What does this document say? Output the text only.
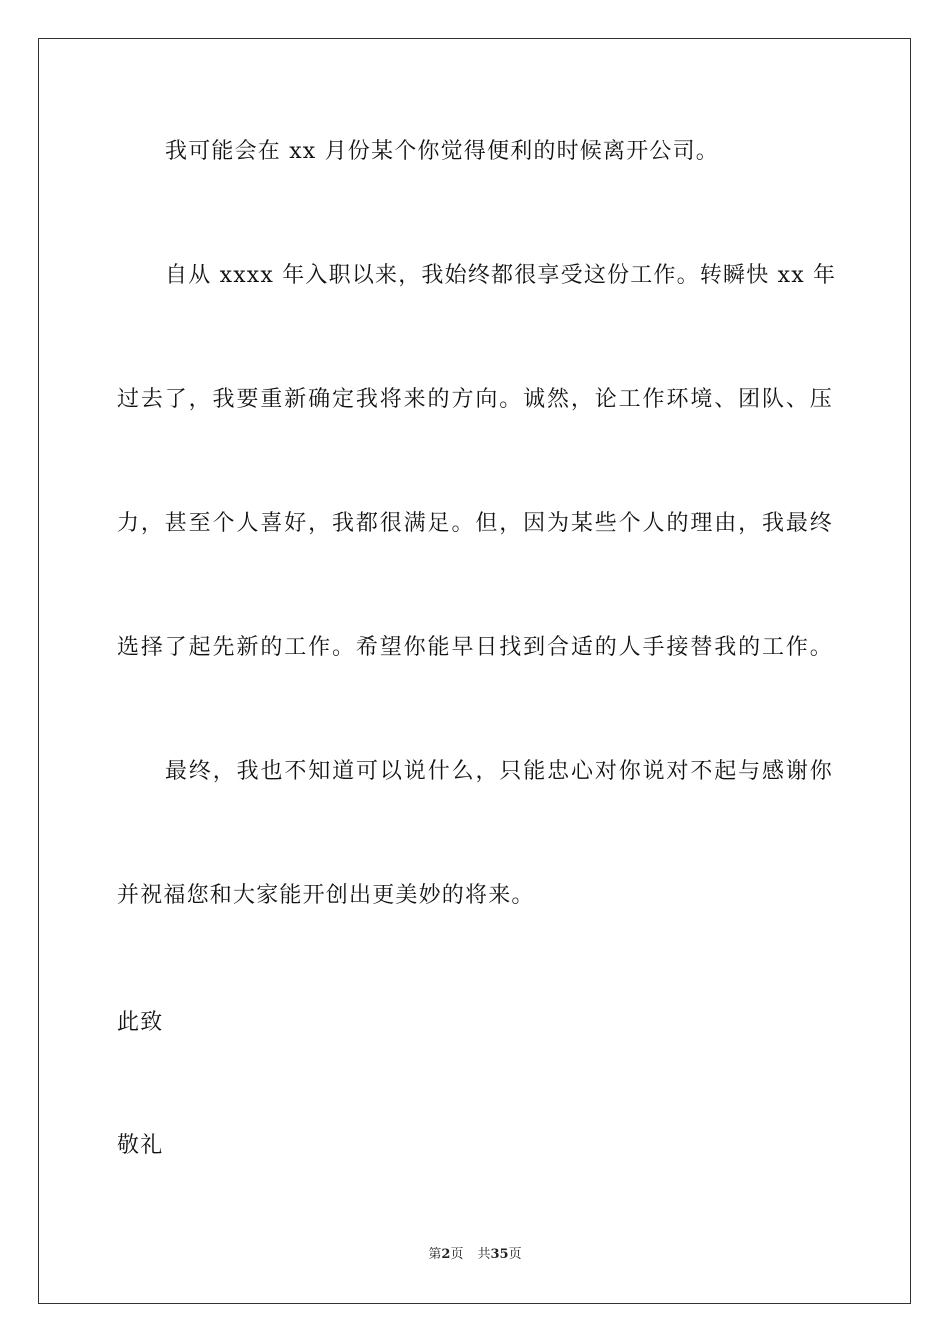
我可能会在 xx 月份某个你觉得便利的时候离开公司。
自从 xxxx 年入职以来，我始终都很享受这份工作。转瞬快 xx 年
过去了，我要重新确定我将来的方向。诚然，论工作环境、团队、压
力，甚至个人喜好，我都很满足。但，因为某些个人的理由，我最终
选择了起先新的工作。希望你能早日找到合适的人手接替我的工作。
最终，我也不知道可以说什么，只能忠心对你说对不起与感谢你
并祝福您和大家能开创出更美妙的将来。
此致
敬礼
第2页 共35页
